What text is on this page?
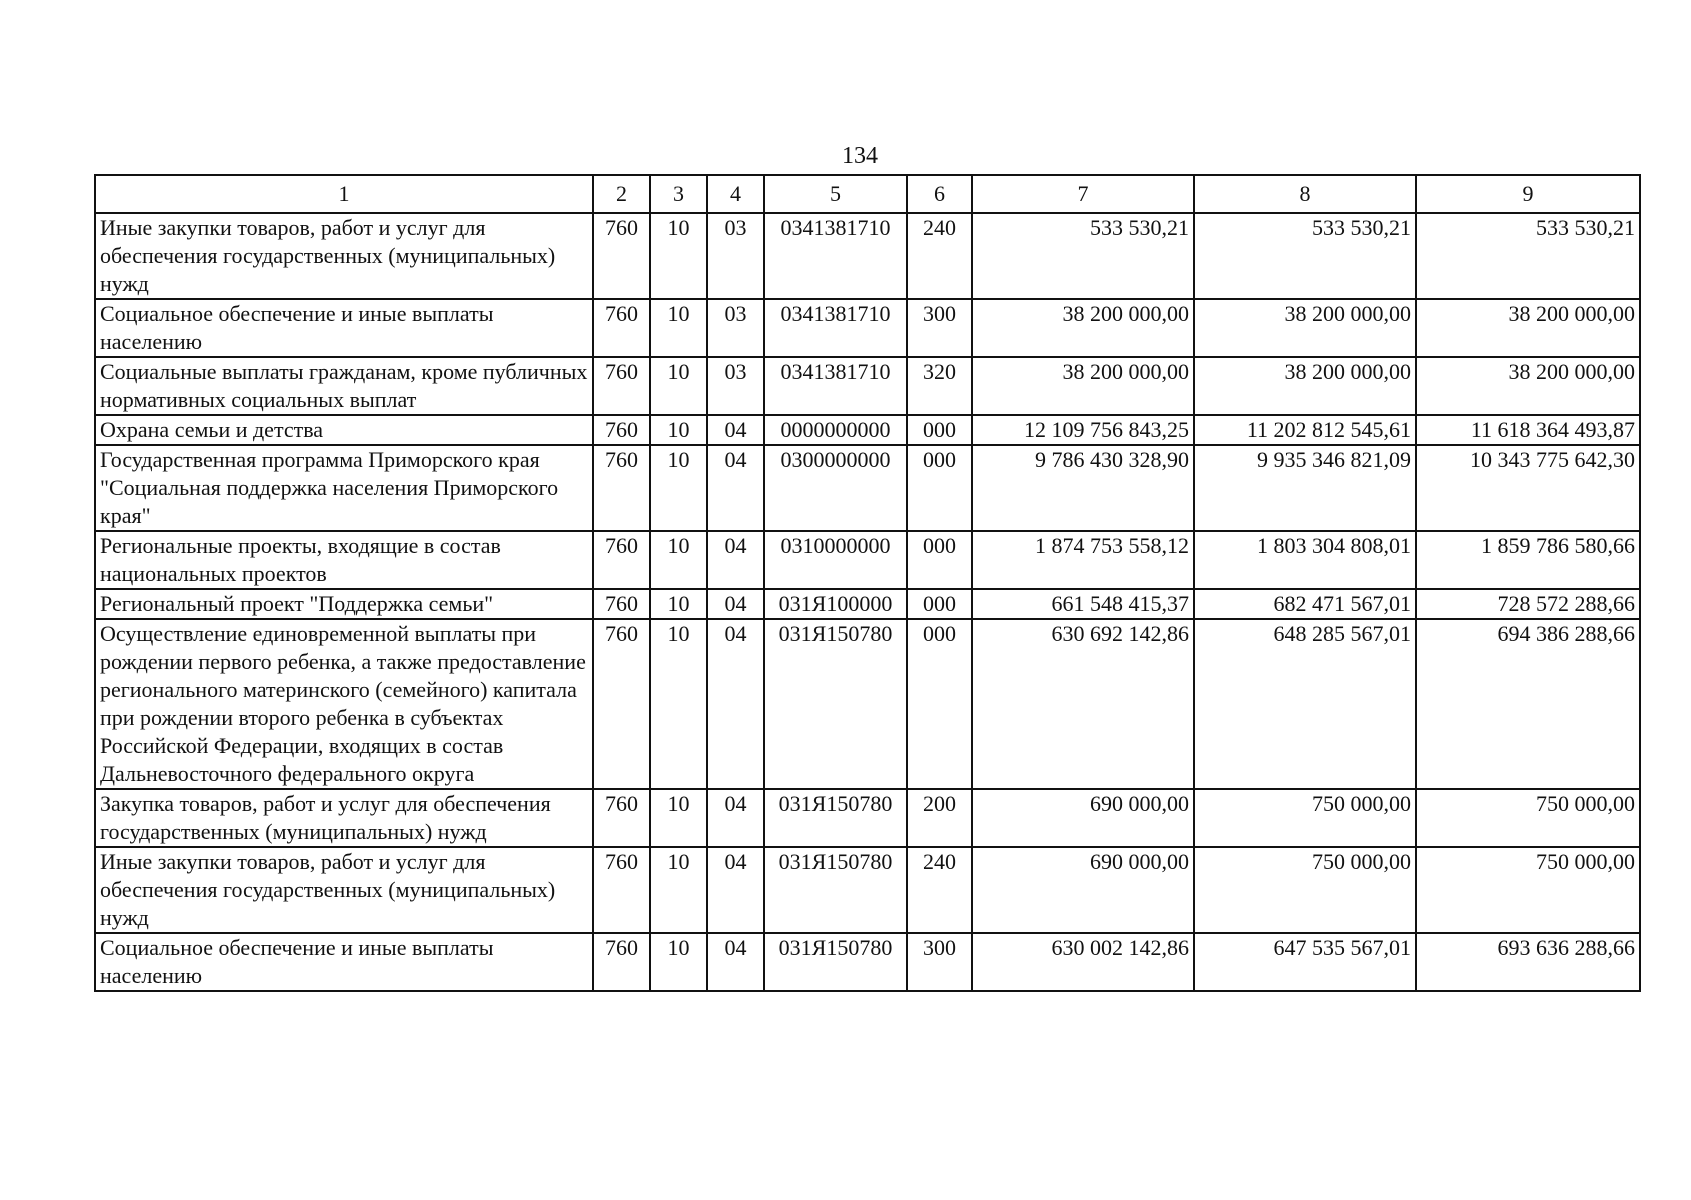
134
1	2	3	4	5	6	7	8	9
Иные закупки товаров, работ и услуг для обеспечения государственных (муниципальных) нужд	760	10	03	0341381710	240	533 530,21	533 530,21	533 530,21
Социальное обеспечение и иные выплаты населению	760	10	03	0341381710	300	38 200 000,00	38 200 000,00	38 200 000,00
Социальные выплаты гражданам, кроме публичных нормативных социальных выплат	760	10	03	0341381710	320	38 200 000,00	38 200 000,00	38 200 000,00
Охрана семьи и детства	760	10	04	0000000000	000	12 109 756 843,25	11 202 812 545,61	11 618 364 493,87
Государственная программа Приморского края "Социальная поддержка населения Приморского края"	760	10	04	0300000000	000	9 786 430 328,90	9 935 346 821,09	10 343 775 642,30
Региональные проекты, входящие в состав национальных проектов	760	10	04	0310000000	000	1 874 753 558,12	1 803 304 808,01	1 859 786 580,66
Региональный проект "Поддержка семьи"	760	10	04	031Я100000	000	661 548 415,37	682 471 567,01	728 572 288,66
Осуществление единовременной выплаты при рождении первого ребенка, а также предоставление регионального материнского (семейного) капитала при рождении второго ребенка в субъектах Российской Федерации, входящих в состав Дальневосточного федерального округа	760	10	04	031Я150780	000	630 692 142,86	648 285 567,01	694 386 288,66
Закупка товаров, работ и услуг для обеспечения государственных (муниципальных) нужд	760	10	04	031Я150780	200	690 000,00	750 000,00	750 000,00
Иные закупки товаров, работ и услуг для обеспечения государственных (муниципальных) нужд	760	10	04	031Я150780	240	690 000,00	750 000,00	750 000,00
Социальное обеспечение и иные выплаты населению	760	10	04	031Я150780	300	630 002 142,86	647 535 567,01	693 636 288,66
